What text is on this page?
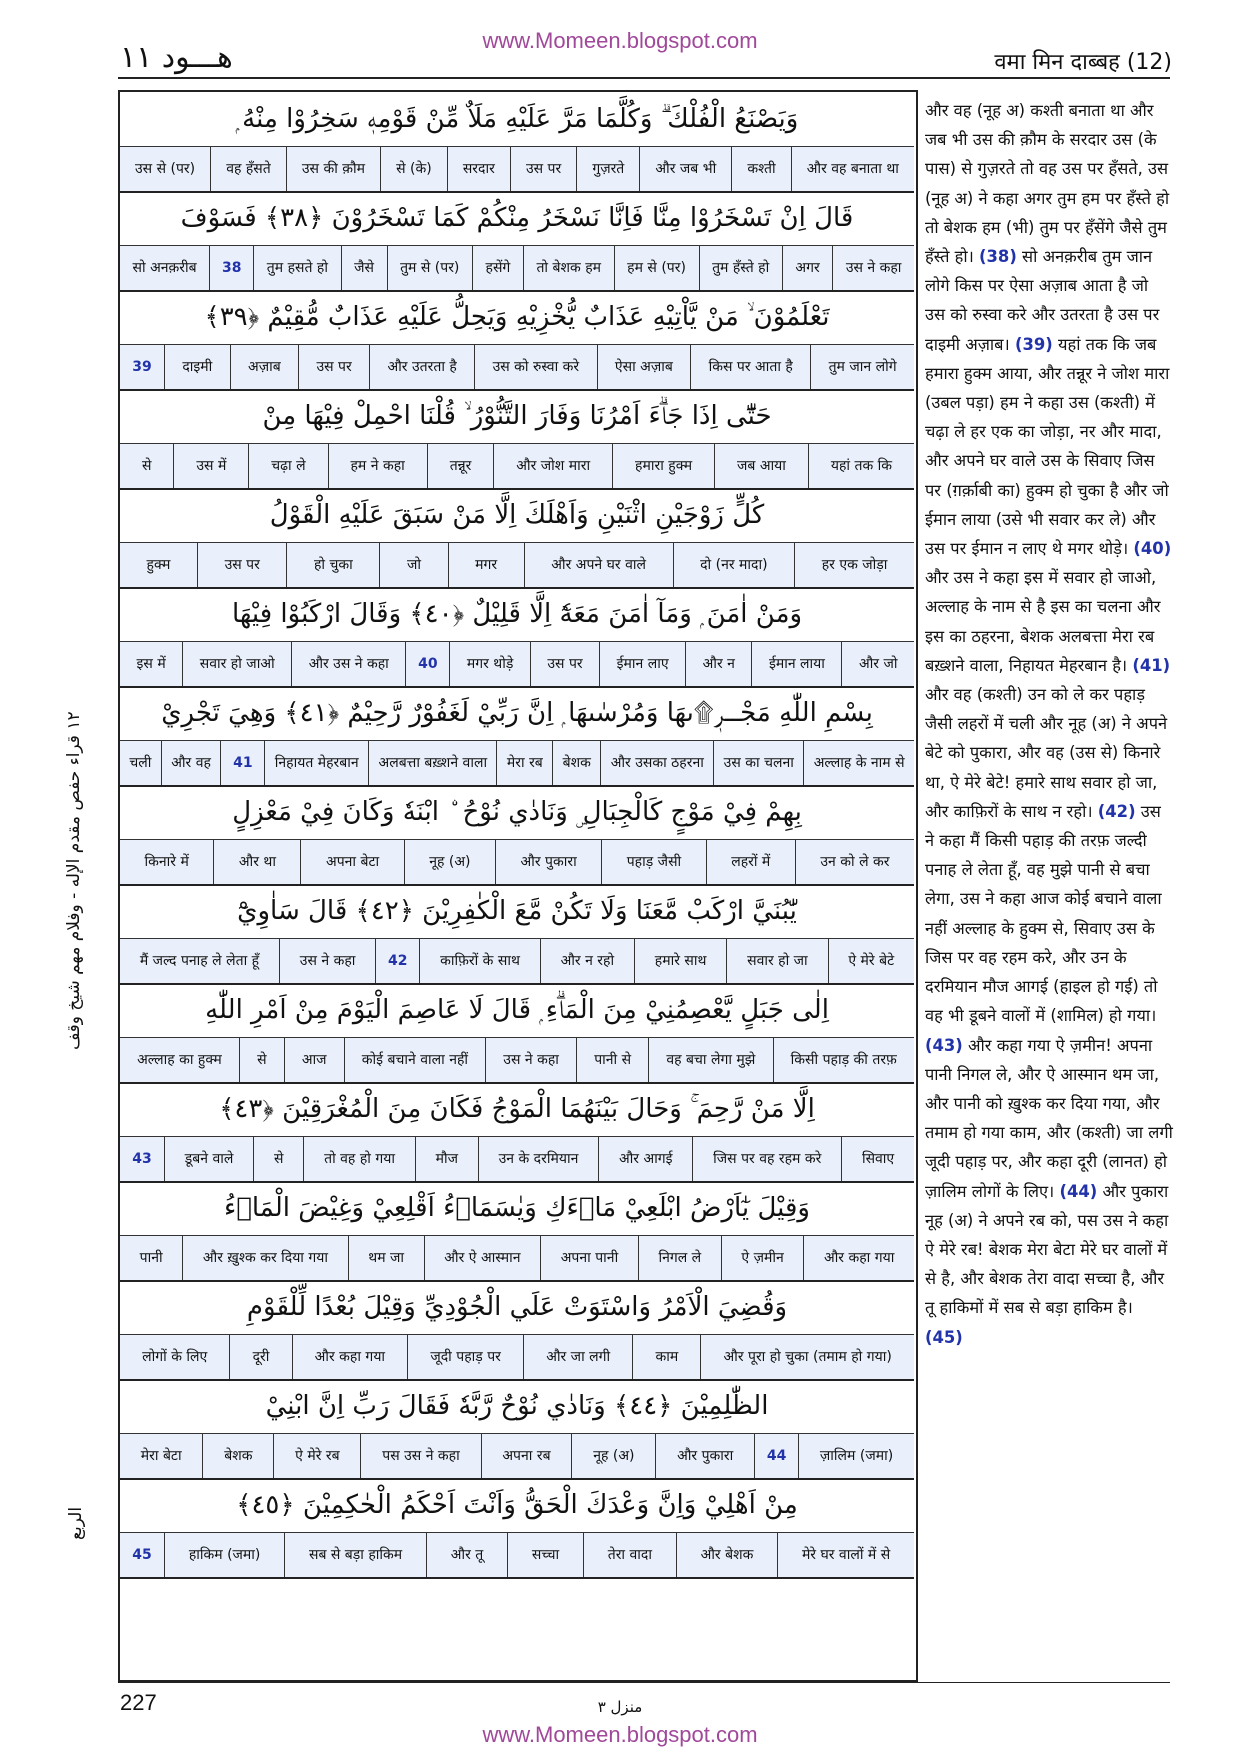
www.Momeen.blogspot.com
هـــود ١١	वमा मिन दाब्बह (12)
١٢ قراء حفص مقدم الإله - وفلام مهم شيخ وقف
الربع
وَيَصْنَعُ الْفُلْكَ ۗ وَكُلَّمَا مَرَّ عَلَيْهِ مَلَاٌ مِّنْ قَوْمِهٖ سَخِرُوْا مِنْهُ ۭ
और वह बनाता था
कश्ती
और जब भी
गुज़रते
उस पर
सरदार
से (के)
उस की क़ौम
वह हँसते
उस से (पर)
قَالَ اِنْ تَسْخَرُوْا مِنَّا فَاِنَّا نَسْخَرُ مِنْكُمْ كَمَا تَسْخَرُوْنَ ﴿٣٨﴾ فَسَوْفَ
उस ने कहा
अगर
तुम हँस्ते हो
हम से (पर)
तो बेशक हम
हसेंगे
तुम से (पर)
जैसे
तुम हसते हो
38
सो अनक़रीब
تَعْلَمُوْنَ ۙ مَنْ يَّاْتِيْهِ عَذَابٌ يُّخْزِيْهِ وَيَحِلُّ عَلَيْهِ عَذَابٌ مُّقِيْمٌ ﴿٣٩﴾
तुम जान लोगे
किस पर आता है
ऐसा अज़ाब
उस को रुस्वा करे
और उतरता है
उस पर
अज़ाब
दाइमी
39
حَتّٰٓى اِذَا جَاۗءَ اَمْرُنَا وَفَارَ التَّنُّوْرُ ۙ قُلْنَا احْمِلْ فِيْهَا مِنْ
यहां तक कि
जब आया
हमारा हुक्म
और जोश मारा
तन्नूर
हम ने कहा
चढ़ा ले
उस में
से
كُلٍّ زَوْجَيْنِ اثْنَيْنِ وَاَهْلَكَ اِلَّا مَنْ سَبَقَ عَلَيْهِ الْقَوْلُ
हर एक जोड़ा
दो (नर मादा)
और अपने घर वाले
मगर
जो
हो चुका
उस पर
हुक्म
وَمَنْ اٰمَنَ ۭ وَمَآ اٰمَنَ مَعَهٗٓ اِلَّا قَلِيْلٌ ﴿٤٠﴾ وَقَالَ ارْكَبُوْا فِيْهَا
और जो
ईमान लाया
और न
ईमान लाए
उस पर
मगर थोड़े
40
और उस ने कहा
सवार हो जाओ
इस में
بِسْمِ اللّٰهِ مَجْــرٖ۩ىهَا وَمُرْسٰىهَا ۭ اِنَّ رَبِّيْ لَغَفُوْرٌ رَّحِيْمٌ ﴿٤١﴾ وَهِيَ تَجْرِيْ
अल्लाह के नाम से
उस का चलना
और उसका ठहरना
बेशक
मेरा रब
अलबत्ता बख़्शने वाला
निहायत मेहरबान
41
और वह
चली
بِهِمْ فِيْ مَوْجٍ كَالْجِبَالِ ۣ وَنَادٰي نُوْحُ ۨ ابْنَهٗ وَكَانَ فِيْ مَعْزِلٍ
उन को ले कर
लहरों में
पहाड़ जैसी
और पुकारा
नूह (अ)
अपना बेटा
और था
किनारे में
يّٰبُنَيَّ ارْكَبْ مَّعَنَا وَلَا تَكُنْ مَّعَ الْكٰفِرِيْنَ ﴿٤٢﴾ قَالَ سَاٰوِيْٓ
ऐ मेरे बेटे
सवार हो जा
हमारे साथ
और न रहो
काफ़िरों के साथ
42
उस ने कहा
मैं जल्द पनाह ले लेता हूँ
اِلٰى جَبَلٍ يَّعْصِمُنِيْ مِنَ الْمَاۗءِ ۭ قَالَ لَا عَاصِمَ الْيَوْمَ مِنْ اَمْرِ اللّٰهِ
किसी पहाड़ की तरफ़
वह बचा लेगा मुझे
पानी से
उस ने कहा
कोई बचाने वाला नहीं
आज
से
अल्लाह का हुक्म
اِلَّا مَنْ رَّحِمَ ۚ وَحَالَ بَيْنَهُمَا الْمَوْجُ فَكَانَ مِنَ الْمُغْرَقِيْنَ ﴿٤٣﴾
सिवाए
जिस पर वह रहम करे
और आगई
उन के दरमियान
मौज
तो वह हो गया
से
डूबने वाले
43
وَقِيْلَ يٰٓاَرْضُ ابْلَعِيْ مَاۗءَكِ وَيٰسَمَاۗءُ اَقْلِعِيْ وَغِيْضَ الْمَاۗءُ
और कहा गया
ऐ ज़मीन
निगल ले
अपना पानी
और ऐ आस्मान
थम जा
और ख़ुश्क कर दिया गया
पानी
وَقُضِيَ الْاَمْرُ وَاسْتَوَتْ عَلَي الْجُوْدِيِّ وَقِيْلَ بُعْدًا لِّلْقَوْمِ
और पूरा हो चुका (तमाम हो गया)
काम
और जा लगी
जूदी पहाड़ पर
और कहा गया
दूरी
लोगों के लिए
الظّٰلِمِيْنَ ﴿٤٤﴾ وَنَادٰي نُوْحٌ رَّبَّهٗ فَقَالَ رَبِّ اِنَّ ابْنِيْ
ज़ालिम (जमा)
44
और पुकारा
नूह (अ)
अपना रब
पस उस ने कहा
ऐ मेरे रब
बेशक
मेरा बेटा
مِنْ اَهْلِيْ وَاِنَّ وَعْدَكَ الْحَقُّ وَاَنْتَ اَحْكَمُ الْحٰكِمِيْنَ ﴿٤٥﴾
मेरे घर वालों में से
और बेशक
तेरा वादा
सच्चा
और तू
सब से बड़ा हाकिम
हाकिम (जमा)
45
और वह (नूह अ) कश्ती बनाता था और जब भी उस की क़ौम के सरदार उस (के पास) से गुज़रते तो वह उस पर हँसते, उस (नूह अ) ने कहा अगर तुम हम पर हँस्ते हो तो बेशक हम (भी) तुम पर हँसेंगे जैसे तुम हँस्ते हो। (38) सो अनक़रीब तुम जान लोगे किस पर ऐसा अज़ाब आता है जो उस को रुस्वा करे और उतरता है उस पर दाइमी अज़ाब। (39) यहां तक कि जब हमारा हुक्म आया, और तन्नूर ने जोश मारा (उबल पड़ा) हम ने कहा उस (कश्ती) में चढ़ा ले हर एक का जोड़ा, नर और मादा, और अपने घर वाले उस के सिवाए जिस पर (ग़र्क़ाबी का) हुक्म हो चुका है और जो ईमान लाया (उसे भी सवार कर ले) और उस पर ईमान न लाए थे मगर थोड़े। (40) और उस ने कहा इस में सवार हो जाओ, अल्लाह के नाम से है इस का चलना और इस का ठहरना, बेशक अलबत्ता मेरा रब बख़्शने वाला, निहायत मेहरबान है। (41) और वह (कश्ती) उन को ले कर पहाड़ जैसी लहरों में चली और नूह (अ) ने अपने बेटे को पुकारा, और वह (उस से) किनारे था, ऐ मेरे बेटे! हमारे साथ सवार हो जा, और काफ़िरों के साथ न रहो। (42) उस ने कहा मैं किसी पहाड़ की तरफ़ जल्दी पनाह ले लेता हूँ, वह मुझे पानी से बचा लेगा, उस ने कहा आज कोई बचाने वाला नहीं अल्लाह के हुक्म से, सिवाए उस के जिस पर वह रहम करे, और उन के दरमियान मौज आगई (हाइल हो गई) तो वह भी डूबने वालों में (शामिल) हो गया। (43) और कहा गया ऐ ज़मीन! अपना पानी निगल ले, और ऐ आस्मान थम जा, और पानी को ख़ुश्क कर दिया गया, और तमाम हो गया काम, और (कश्ती) जा लगी जूदी पहाड़ पर, और कहा दूरी (लानत) हो ज़ालिम लोगों के लिए। (44) और पुकारा नूह (अ) ने अपने रब को, पस उस ने कहा ऐ मेरे रब! बेशक मेरा बेटा मेरे घर वालों में से है, और बेशक तेरा वादा सच्चा है, और तू हाकिमों में सब से बड़ा हाकिम है। (45)
227	منزل ٣
www.Momeen.blogspot.com
